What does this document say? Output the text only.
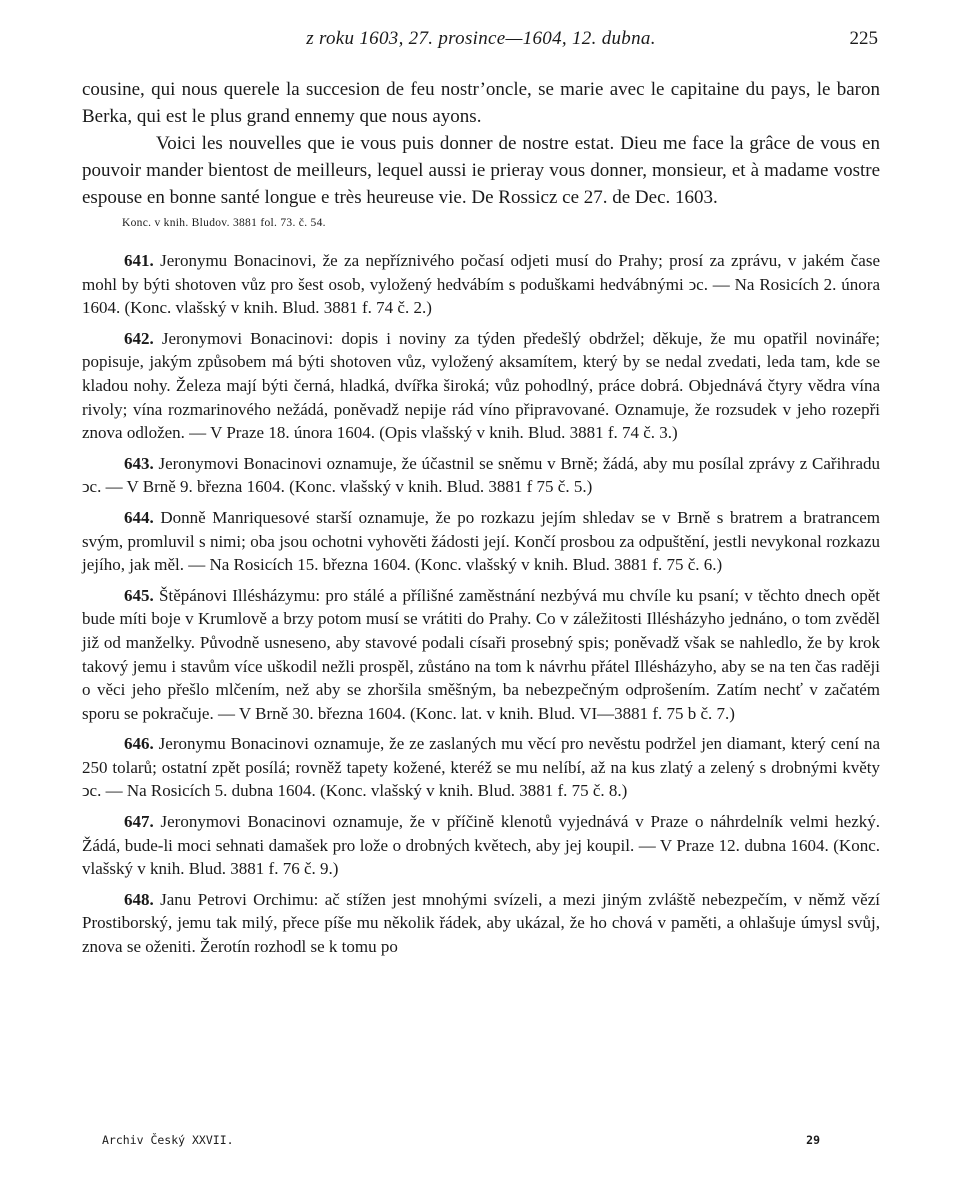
z roku 1603, 27. prosince—1604, 12. dubna.	225

cousine, qui nous querele la succesion de feu nostr’oncle, se marie avec le capitaine du pays, le baron Berka, qui est le plus grand ennemy que nous ayons.

Voici les nouvelles que ie vous puis donner de nostre estat. Dieu me face la grâce de vous en pouvoir mander bientost de meilleurs, lequel aussi ie prieray vous donner, monsieur, et à madame vostre espouse en bonne santé longue e très heureuse vie. De Rossicz ce 27. de Dec. 1603.

Konc. v knih. Bludov. 3881 fol. 73. č. 54.

641. Jeronymu Bonacinovi, že za nepříznivého počasí odjeti musí do Prahy; prosí za zprávu, v jakém čase mohl by býti shotoven vůz pro šest osob, vyložený hedvábím s poduškami hedvábnými ͻc. — Na Rosicích 2. února 1604. (Konc. vlašský v knih. Blud. 3881 f. 74 č. 2.)

642. Jeronymovi Bonacinovi: dopis i noviny za týden předešlý obdržel; děkuje, že mu opatřil novináře; popisuje, jakým způsobem má býti shotoven vůz, vyložený aksamítem, který by se nedal zvedati, leda tam, kde se kladou nohy. Železa mají býti černá, hladká, dvířka široká; vůz pohodlný, práce dobrá. Objednává čtyry vědra vína rivoly; vína rozmarinového nežádá, poněvadž nepije rád víno připravované. Oznamuje, že rozsudek v jeho rozepři znova odložen. — V Praze 18. února 1604. (Opis vlašský v knih. Blud. 3881 f. 74 č. 3.)

643. Jeronymovi Bonacinovi oznamuje, že účastnil se sněmu v Brně; žádá, aby mu posílal zprávy z Cařihradu ͻc. — V Brně 9. března 1604. (Konc. vlašský v knih. Blud. 3881 f 75 č. 5.)

644. Donně Manriquesové starší oznamuje, že po rozkazu jejím shledav se v Brně s bratrem a bratrancem svým, promluvil s nimi; oba jsou ochotni vyhověti žádosti její. Končí prosbou za odpuštění, jestli nevykonal rozkazu jejího, jak měl. — Na Rosicích 15. března 1604. (Konc. vlašský v knih. Blud. 3881 f. 75 č. 6.)

645. Štěpánovi Illésházymu: pro stálé a přílišné zaměstnání nezbývá mu chvíle ku psaní; v těchto dnech opět bude míti boje v Krumlově a brzy potom musí se vrátiti do Prahy. Co v záležitosti Illésházyho jednáno, o tom zvěděl již od manželky. Původně usneseno, aby stavové podali císaři prosebný spis; poněvadž však se nahledlo, že by krok takový jemu i stavům více uškodil nežli prospěl, zůstáno na tom k návrhu přátel Illésházyho, aby se na ten čas raději o věci jeho přešlo mlčením, než aby se zhoršila směšným, ba nebezpečným odprošením. Zatím nechť v začatém sporu se pokračuje. — V Brně 30. března 1604. (Konc. lat. v knih. Blud. VI—3881 f. 75 b č. 7.)

646. Jeronymu Bonacinovi oznamuje, že ze zaslaných mu věcí pro nevěstu podržel jen diamant, který cení na 250 tolarů; ostatní zpět posílá; rovněž tapety kožené, kteréž se mu nelíbí, až na kus zlatý a zelený s drobnými květy ͻc. — Na Rosicích 5. dubna 1604. (Konc. vlašský v knih. Blud. 3881 f. 75 č. 8.)

647. Jeronymovi Bonacinovi oznamuje, že v příčině klenotů vyjednává v Praze o náhrdelník velmi hezký. Žádá, bude-li moci sehnati damašek pro lože o drobných květech, aby jej koupil. — V Praze 12. dubna 1604. (Konc. vlašský v knih. Blud. 3881 f. 76 č. 9.)

648. Janu Petrovi Orchimu: ač stížen jest mnohými svízeli, a mezi jiným zvláště nebezpečím, v němž vězí Prostiborský, jemu tak milý, přece píše mu několik řádek, aby ukázal, že ho chová v paměti, a ohlašuje úmysl svůj, znova se oženiti. Žerotín rozhodl se k tomu po

Archiv Český XXVII.	29
